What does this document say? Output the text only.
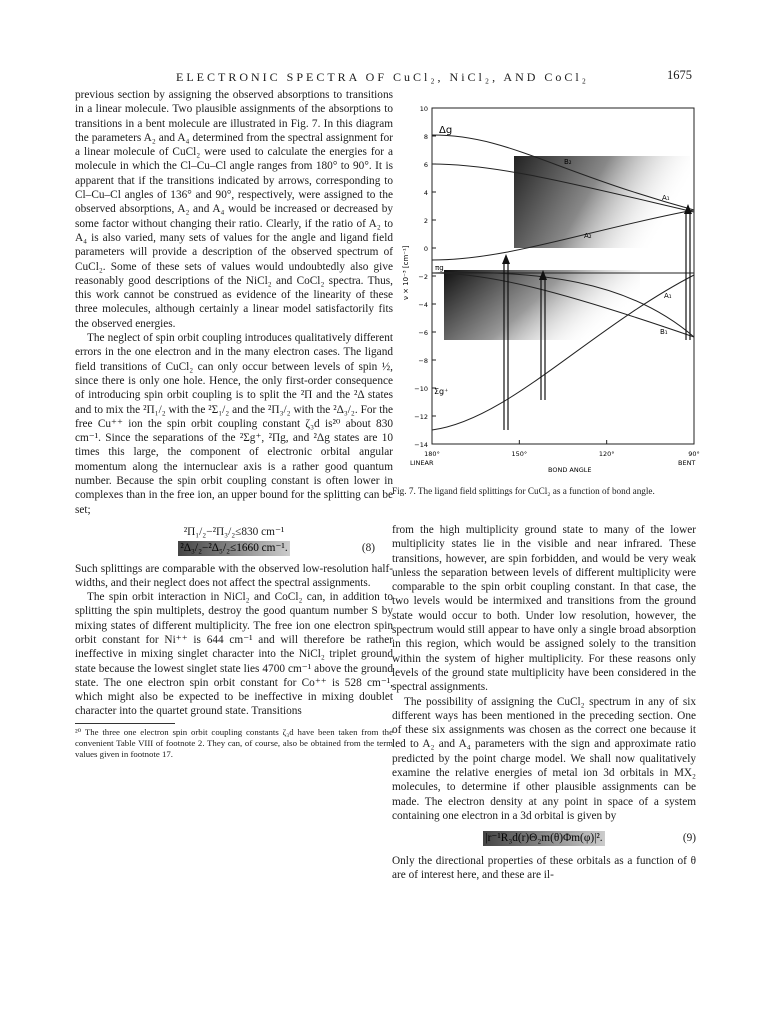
ELECTRONIC SPECTRA OF CuCl₂, NiCl₂, AND CoCl₂	1675

previous section by assigning the observed absorptions to transitions in a linear molecule. Two plausible assignments of the absorptions to transitions in a bent molecule are illustrated in Fig. 7. In this diagram the parameters A₂ and A₄ determined from the spectral assignment for a linear molecule of CuCl₂ were used to calculate the energies for a molecule in which the Cl–Cu–Cl angle ranges from 180° to 90°. It is apparent that if the transitions indicated by arrows, corresponding to Cl–Cu–Cl angles of 136° and 90°, respectively, were assigned to the observed absorptions, A₂ and A₄ would be increased or decreased by some factor without changing their ratio. Clearly, if the ratio of A₂ to A₄ is also varied, many sets of values for the angle and ligand field parameters will provide a description of the observed spectrum of CuCl₂. Some of these sets of values would undoubtedly also give reasonably good descriptions of the NiCl₂ and CoCl₂ spectra. Thus, this work cannot be construed as evidence of the linearity of these three molecules, although certainly a linear model satisfactorily fits the observed energies.

The neglect of spin orbit coupling introduces qualitatively different errors in the one electron and in the many electron cases. The ligand field transitions of CuCl₂ can only occur between levels of spin ½, since there is only one hole. Hence, the only first-order consequence of introducing spin orbit coupling is to split the ²Π and the ²Δ states and to mix the ²Π₁/₂ with the ²Σ₁/₂ and the ²Π₃/₂ with the ²Δ₃/₂. For the free Cu⁺⁺ ion the spin orbit coupling constant ζ₃d is²⁰ about 830 cm⁻¹. Since the separations of the ²Σg⁺, ²Πg, and ²Δg states are 10 times this large, the component of electronic orbital angular momentum along the internuclear axis is a rather good quantum number. Because the spin orbit coupling constant is often lower in complexes than in the free ion, an upper bound for the splitting can be set;

²Π₁/₂−²Π₃/₂≤830 cm⁻¹
²Δ₃/₂−²Δ₅/₂≤1660 cm⁻¹.	(8)

Such splittings are comparable with the observed low-resolution half-widths, and their neglect does not affect the spectral assignments.

The spin orbit interaction in NiCl₂ and CoCl₂ can, in addition to splitting the spin multiplets, destroy the good quantum number S by mixing states of different multiplicity. The free ion one electron spin orbit constant for Ni⁺⁺ is 644 cm⁻¹ and will therefore be rather ineffective in mixing singlet character into the NiCl₂ triplet ground state because the lowest singlet state lies 4700 cm⁻¹ above the ground state. The one electron spin orbit constant for Co⁺⁺ is 528 cm⁻¹, which might also be expected to be ineffective in mixing doublet character into the quartet ground state. Transitions

²⁰ The three one electron spin orbit coupling constants ζ₃d have been taken from the convenient Table VIII of footnote 2. They can, of course, also be obtained from the term values given in footnote 17.

10
8
6
4
2
0
−2
−4
−6
−8
−10
−12
−14
180°	150°	120°	90°
Δg
πg
Σg⁺
B₂
A₁
A₂
A₁
B₁
ν × 10⁻³ [cm⁻¹]
LINEAR	BENT
BOND ANGLE
Fig. 7. The ligand field splittings for CuCl₂ as a function of bond angle.

from the high multiplicity ground state to many of the lower multiplicity states lie in the visible and near infrared. These transitions, however, are spin forbidden, and would be very weak unless the separation between levels of different multiplicity were comparable to the spin orbit coupling constant. In that case, the two levels would be intermixed and transitions from the ground state would occur to both. Under low resolution, however, the spectrum would still appear to have only a single broad absorption in this region, which would be assigned solely to the transition within the system of higher multiplicity. For these reasons only levels of the ground state multiplicity have been considered in the spectral assignments.

The possibility of assigning the CuCl₂ spectrum in any of six different ways has been mentioned in the preceding section. One of these six assignments was chosen as the correct one because it led to A₂ and A₄ parameters with the sign and approximate ratio predicted by the point charge model. We shall now qualitatively examine the relative energies of metal ion 3d orbitals in MX₂ molecules, to determine if other plausible assignments can be made. The electron density at any point in space of a system containing one electron in a 3d orbital is given by

|r⁻¹R₃d(r)Θ₂m(θ)Φm(φ)|².	(9)

Only the directional properties of these orbitals as a function of θ are of interest here, and these are il-
